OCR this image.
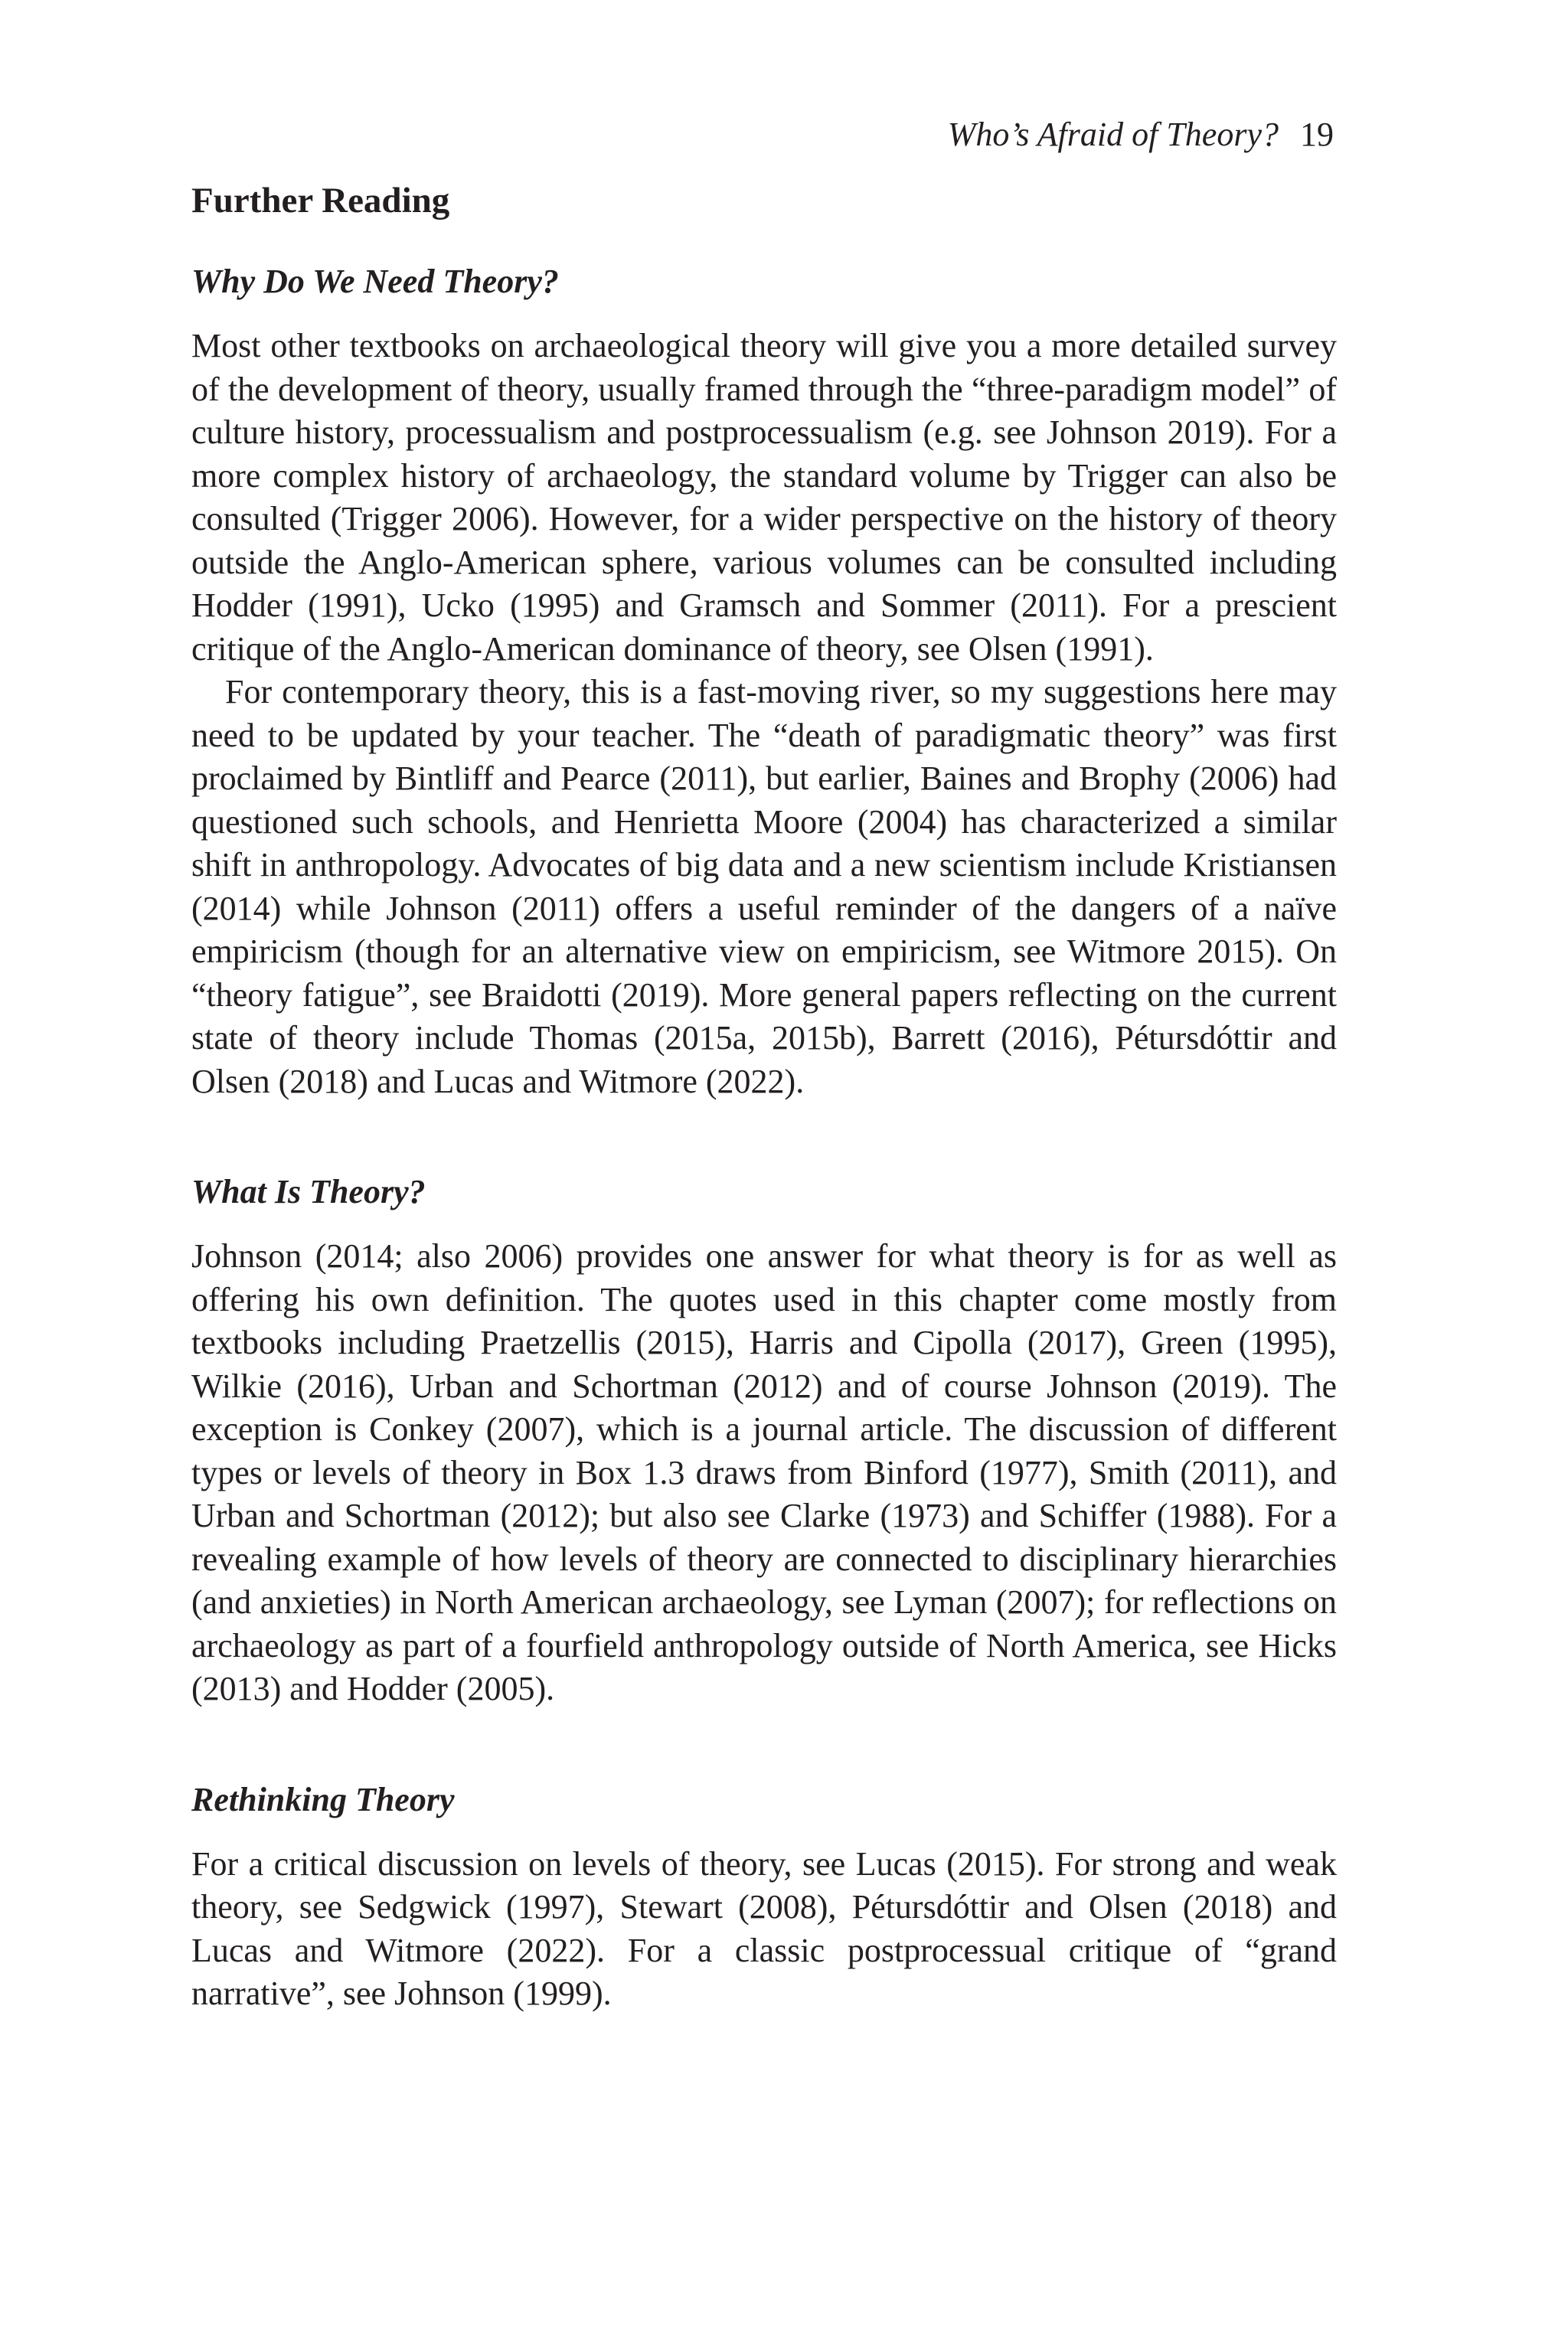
Who’s Afraid of Theory? 19
Further Reading
Why Do We Need Theory?

Most other textbooks on archaeological theory will give you a more detailed survey of the development of theory, usually framed through the “three-paradigm model” of culture history, processualism and postprocessualism (e.g. see Johnson 2019). For a more complex history of archaeology, the standard volume by Trigger can also be consulted (Trigger 2006). However, for a wider perspective on the history of theory outside the Anglo-American sphere, various volumes can be consulted including Hodder (1991), Ucko (1995) and Gramsch and Sommer (2011). For a prescient critique of the Anglo-American dominance of theory, see Olsen (1991).

For contemporary theory, this is a fast-moving river, so my suggestions here may need to be updated by your teacher. The “death of paradigmatic theory” was first proclaimed by Bintliff and Pearce (2011), but earlier, Baines and Brophy (2006) had questioned such schools, and Henrietta Moore (2004) has characterized a similar shift in anthropology. Advocates of big data and a new scientism include Kristiansen (2014) while Johnson (2011) offers a useful reminder of the dangers of a naïve empiricism (though for an alternative view on empiricism, see Witmore 2015). On “theory fatigue”, see Braidotti (2019). More general papers reflecting on the current state of theory include Thomas (2015a, 2015b), Barrett (2016), Pétursdóttir and Olsen (2018) and Lucas and Witmore (2022).

What Is Theory?

Johnson (2014; also 2006) provides one answer for what theory is for as well as offering his own definition. The quotes used in this chapter come mostly from textbooks including Praetzellis (2015), Harris and Cipolla (2017), Green (1995), Wilkie (2016), Urban and Schortman (2012) and of course Johnson (2019). The exception is Conkey (2007), which is a journal article. The discussion of different types or levels of theory in Box 1.3 draws from Binford (1977), Smith (2011), and Urban and Schortman (2012); but also see Clarke (1973) and Schiffer (1988). For a revealing example of how levels of theory are connected to disciplinary hierarchies (and anxieties) in North American archaeology, see Lyman (2007); for reflections on archaeology as part of a fourfield anthropology outside of North America, see Hicks (2013) and Hodder (2005).

Rethinking Theory

For a critical discussion on levels of theory, see Lucas (2015). For strong and weak theory, see Sedgwick (1997), Stewart (2008), Pétursdóttir and Olsen (2018) and Lucas and Witmore (2022). For a classic postprocessual critique of “grand narrative”, see Johnson (1999).
